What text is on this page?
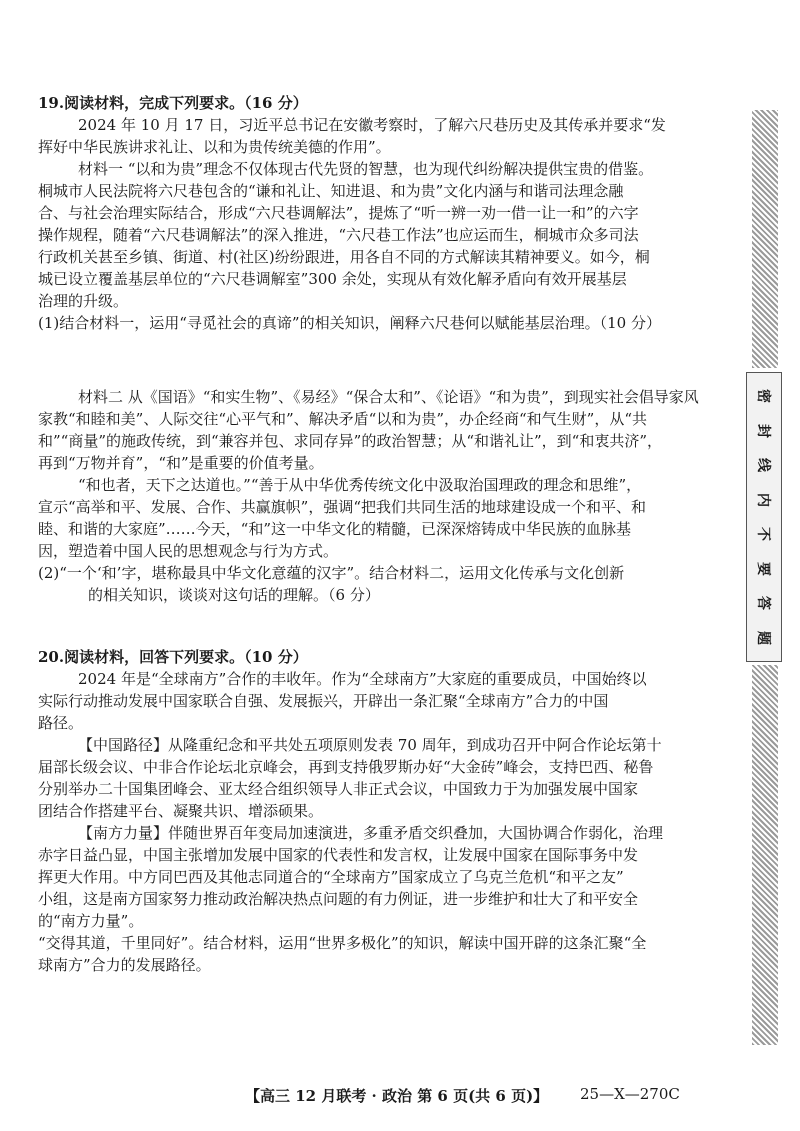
19.阅读材料，完成下列要求。（16 分）

2024 年 10 月 17 日，习近平总书记在安徽考察时，了解六尺巷历史及其传承并要求“发

挥好中华民族讲求礼让、以和为贵传统美德的作用”。

材料一 “以和为贵”理念不仅体现古代先贤的智慧，也为现代纠纷解决提供宝贵的借鉴。

桐城市人民法院将六尺巷包含的“谦和礼让、知进退、和为贵”文化内涵与和谐司法理念融

合、与社会治理实际结合，形成“六尺巷调解法”，提炼了“听一辨一劝一借一让一和”的六字

操作规程，随着“六尺巷调解法”的深入推进，“六尺巷工作法”也应运而生，桐城市众多司法

行政机关甚至乡镇、街道、村(社区)纷纷跟进，用各自不同的方式解读其精神要义。如今，桐

城已设立覆盖基层单位的“六尺巷调解室”300 余处，实现从有效化解矛盾向有效开展基层

治理的升级。

(1)结合材料一，运用“寻觅社会的真谛”的相关知识，阐释六尺巷何以赋能基层治理。（10 分）

材料二 从《国语》“和实生物”、《易经》“保合太和”、《论语》“和为贵”，到现实社会倡导家风

家教“和睦和美”、人际交往“心平气和”、解决矛盾“以和为贵”，办企经商“和气生财”，从“共

和”“商量”的施政传统，到“兼容并包、求同存异”的政治智慧；从“和谐礼让”，到“和衷共济”，

再到“万物并育”，“和”是重要的价值考量。

“和也者，天下之达道也。”“善于从中华优秀传统文化中汲取治国理政的理念和思维”，

宣示“高举和平、发展、合作、共赢旗帜”，强调“把我们共同生活的地球建设成一个和平、和

睦、和谐的大家庭”……今天，“和”这一中华文化的精髓，已深深熔铸成中华民族的血脉基

因，塑造着中国人民的思想观念与行为方式。

(2)“一个‘和’字，堪称最具中华文化意蕴的汉字”。结合材料二，运用文化传承与文化创新

的相关知识，谈谈对这句话的理解。（6 分）

20.阅读材料，回答下列要求。（10 分）

2024 年是“全球南方”合作的丰收年。作为“全球南方”大家庭的重要成员，中国始终以

实际行动推动发展中国家联合自强、发展振兴，开辟出一条汇聚“全球南方”合力的中国

路径。

【中国路径】从隆重纪念和平共处五项原则发表 70 周年，到成功召开中阿合作论坛第十

届部长级会议、中非合作论坛北京峰会，再到支持俄罗斯办好“大金砖”峰会，支持巴西、秘鲁

分别举办二十国集团峰会、亚太经合组织领导人非正式会议，中国致力于为加强发展中国家

团结合作搭建平台、凝聚共识、增添硕果。

【南方力量】伴随世界百年变局加速演进，多重矛盾交织叠加，大国协调合作弱化，治理

赤字日益凸显，中国主张增加发展中国家的代表性和发言权，让发展中国家在国际事务中发

挥更大作用。中方同巴西及其他志同道合的“全球南方”国家成立了乌克兰危机“和平之友”

小组，这是南方国家努力推动政治解决热点问题的有力例证，进一步维护和壮大了和平安全

的“南方力量”。

“交得其道，千里同好”。结合材料，运用“世界多极化”的知识，解读中国开辟的这条汇聚“全

球南方”合力的发展路径。

密
封
线
内
不
要
答
题
【高三 12 月联考 · 政治 第 6 页(共 6 页)】 25—X—270C
